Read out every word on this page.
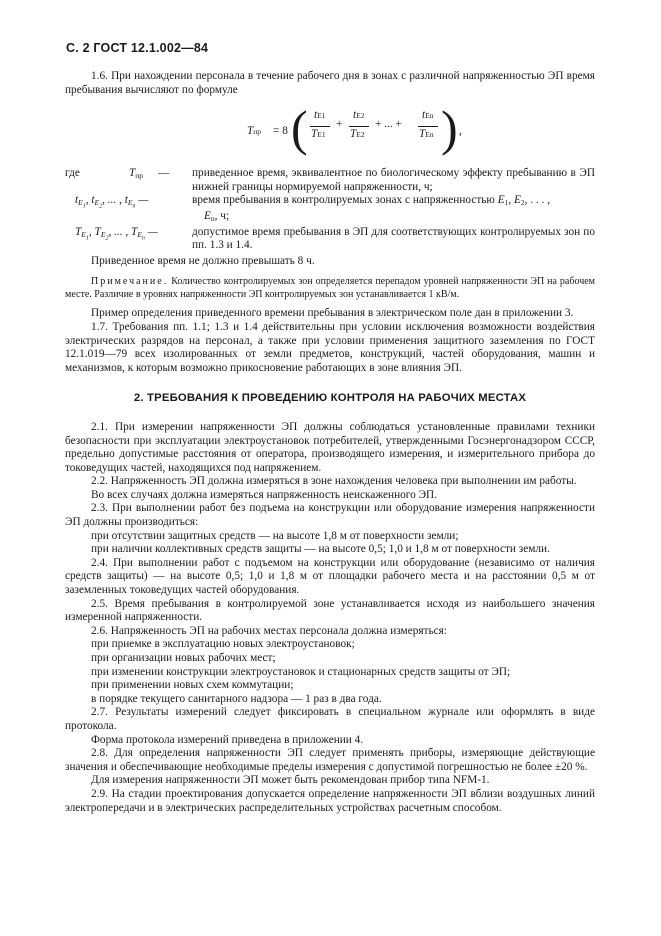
С. 2 ГОСТ 12.1.002—84

1.6. При нахождении персонала в течение рабочего дня в зонах с различной напряженностью ЭП время пребывания вычисляют по формуле

Tпр = 8 ( tE1
TE1
+
tE2
TE2
+ ... +
tEn
TEn ) ,
где	$T_{пр}$ — приведенное время, эквивалентное по биологическому эффекту пребыванию в ЭП нижней границы нормируемой напряженности, ч;
$t_{E_1}$, $t_{E_2}$, ... , $t_{E_n}$ —	время пребывания в контролируемых зонах с напряженностью $E_1$, $E_2$, . . . ,
$E_n$, ч;
$T_{E_1}$, $T_{E_2}$, ... , $T_{E_n}$ —	допустимое время пребывания в ЭП для соответствующих контролируемых зон по пп. 1.3 и 1.4.

Приведенное время не должно превышать 8 ч.

Примечание. Количество контролируемых зон определяется перепадом уровней напряженности ЭП на рабочем месте. Различие в уровнях напряженности ЭП контролируемых зон устанавливается 1 кВ/м.

Пример определения приведенного времени пребывания в электрическом поле дан в приложении 3.

1.7. Требования пп. 1.1; 1.3 и 1.4 действительны при условии исключения возможности воздействия электрических разрядов на персонал, а также при условии применения защитного заземления по ГОСТ 12.1.019—79 всех изолированных от земли предметов, конструкций, частей оборудования, машин и механизмов, к которым возможно прикосновение работающих в зоне влияния ЭП.

2. ТРЕБОВАНИЯ К ПРОВЕДЕНИЮ КОНТРОЛЯ НА РАБОЧИХ МЕСТАХ

2.1. При измерении напряженности ЭП должны соблюдаться установленные правилами техники безопасности при эксплуатации электроустановок потребителей, утвержденными Госэнергонадзором СССР, предельно допустимые расстояния от оператора, производящего измерения, и измерительного прибора до токоведущих частей, находящихся под напряжением.

2.2. Напряженность ЭП должна измеряться в зоне нахождения человека при выполнении им работы.

Во всех случаях должна измеряться напряженность неискаженного ЭП.

2.3. При выполнении работ без подъема на конструкции или оборудование измерения напряженности ЭП должны производиться:

при отсутствии защитных средств — на высоте 1,8 м от поверхности земли;

при наличии коллективных средств защиты — на высоте 0,5; 1,0 и 1,8 м от поверхности земли.

2.4. При выполнении работ с подъемом на конструкции или оборудование (независимо от наличия средств защиты) — на высоте 0,5; 1,0 и 1,8 м от площадки рабочего места и на расстоянии 0,5 м от заземленных токоведущих частей оборудования.

2.5. Время пребывания в контролируемой зоне устанавливается исходя из наибольшего значения измеренной напряженности.

2.6. Напряженность ЭП на рабочих местах персонала должна измеряться:

при приемке в эксплуатацию новых электроустановок;

при организации новых рабочих мест;

при изменении конструкции электроустановок и стационарных средств защиты от ЭП;

при применении новых схем коммутации;

в порядке текущего санитарного надзора — 1 раз в два года.

2.7. Результаты измерений следует фиксировать в специальном журнале или оформлять в виде протокола.

Форма протокола измерений приведена в приложении 4.

2.8. Для определения напряженности ЭП следует применять приборы, измеряющие действующие значения и обеспечивающие необходимые пределы измерения с допустимой погрешностью не более ±20 %.

Для измерения напряженности ЭП может быть рекомендован прибор типа NFM-1.

2.9. На стадии проектирования допускается определение напряженности ЭП вблизи воздушных линий электропередачи и в электрических распределительных устройствах расчетным способом.
